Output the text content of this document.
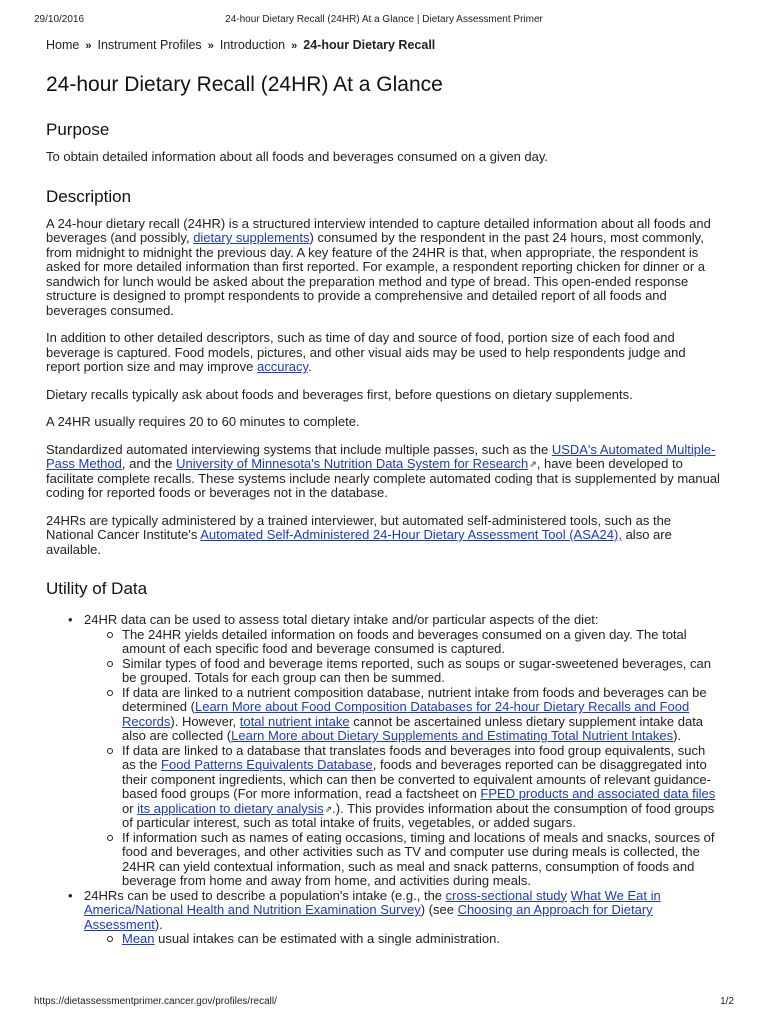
29/10/2016	24-hour Dietary Recall (24HR) At a Glance | Dietary Assessment Primer
Home » Instrument Profiles » Introduction » 24-hour Dietary Recall
24-hour Dietary Recall (24HR) At a Glance
Purpose

To obtain detailed information about all foods and beverages consumed on a given day.

Description

A 24-hour dietary recall (24HR) is a structured interview intended to capture detailed information about all foods and beverages (and possibly, dietary supplements) consumed by the respondent in the past 24 hours, most commonly, from midnight to midnight the previous day. A key feature of the 24HR is that, when appropriate, the respondent is asked for more detailed information than first reported. For example, a respondent reporting chicken for dinner or a sandwich for lunch would be asked about the preparation method and type of bread. This open-ended response structure is designed to prompt respondents to provide a comprehensive and detailed report of all foods and beverages consumed.

In addition to other detailed descriptors, such as time of day and source of food, portion size of each food and beverage is captured. Food models, pictures, and other visual aids may be used to help respondents judge and report portion size and may improve accuracy.

Dietary recalls typically ask about foods and beverages first, before questions on dietary supplements.

A 24HR usually requires 20 to 60 minutes to complete.

Standardized automated interviewing systems that include multiple passes, such as the USDA's Automated Multiple-Pass Method, and the University of Minnesota's Nutrition Data System for Research⇗, have been developed to facilitate complete recalls. These systems include nearly complete automated coding that is supplemented by manual coding for reported foods or beverages not in the database.

24HRs are typically administered by a trained interviewer, but automated self-administered tools, such as the National Cancer Institute's Automated Self-Administered 24-Hour Dietary Assessment Tool (ASA24), also are available.

Utility of Data
• 24HR data can be used to assess total dietary intake and/or particular aspects of the diet:
The 24HR yields detailed information on foods and beverages consumed on a given day. The total amount of each specific food and beverage consumed is captured.
Similar types of food and beverage items reported, such as soups or sugar-sweetened beverages, can be grouped. Totals for each group can then be summed.
If data are linked to a nutrient composition database, nutrient intake from foods and beverages can be determined (Learn More about Food Composition Databases for 24-hour Dietary Recalls and Food Records). However, total nutrient intake cannot be ascertained unless dietary supplement intake data also are collected (Learn More about Dietary Supplements and Estimating Total Nutrient Intakes).
If data are linked to a database that translates foods and beverages into food group equivalents, such as the Food Patterns Equivalents Database, foods and beverages reported can be disaggregated into their component ingredients, which can then be converted to equivalent amounts of relevant guidance-based food groups (For more information, read a factsheet on FPED products and associated data files or its application to dietary analysis⇗.). This provides information about the consumption of food groups of particular interest, such as total intake of fruits, vegetables, or added sugars.
If information such as names of eating occasions, timing and locations of meals and snacks, sources of food and beverages, and other activities such as TV and computer use during meals is collected, the 24HR can yield contextual information, such as meal and snack patterns, consumption of foods and beverage from home and away from home, and activities during meals.
• 24HRs can be used to describe a population's intake (e.g., the cross-sectional study What We Eat in America/National Health and Nutrition Examination Survey) (see Choosing an Approach for Dietary Assessment).
Mean usual intakes can be estimated with a single administration.
https://dietassessmentprimer.cancer.gov/profiles/recall/	1/2
